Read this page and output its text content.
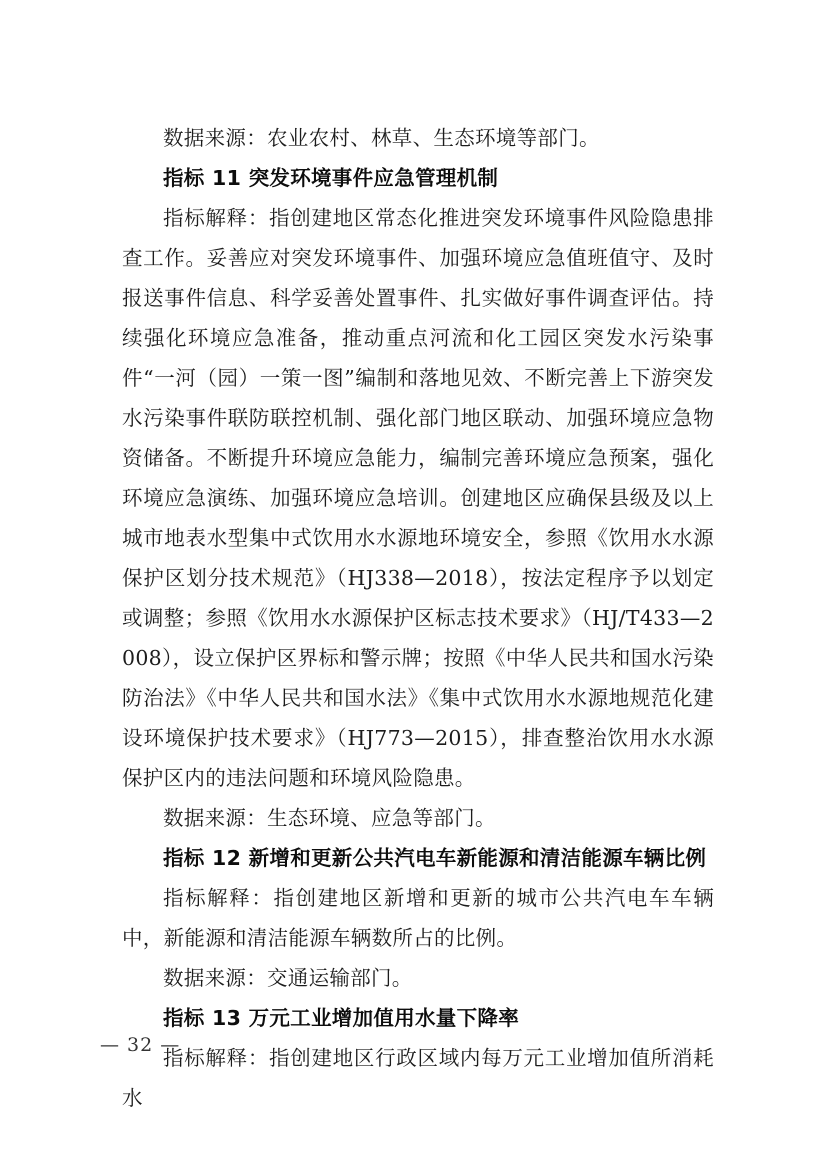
数据来源：农业农村、林草、生态环境等部门。

指标 11 突发环境事件应急管理机制

指标解释：指创建地区常态化推进突发环境事件风险隐患排查工作。妥善应对突发环境事件、加强环境应急值班值守、及时报送事件信息、科学妥善处置事件、扎实做好事件调查评估。持续强化环境应急准备，推动重点河流和化工园区突发水污染事件“一河（园）一策一图”编制和落地见效、不断完善上下游突发水污染事件联防联控机制、强化部门地区联动、加强环境应急物资储备。不断提升环境应急能力，编制完善环境应急预案，强化环境应急演练、加强环境应急培训。创建地区应确保县级及以上城市地表水型集中式饮用水水源地环境安全，参照《饮用水水源保护区划分技术规范》（HJ338—2018），按法定程序予以划定或调整；参照《饮用水水源保护区标志技术要求》（HJ/T433—2008），设立保护区界标和警示牌；按照《中华人民共和国水污染防治法》《中华人民共和国水法》《集中式饮用水水源地规范化建设环境保护技术要求》（HJ773—2015），排查整治饮用水水源保护区内的违法问题和环境风险隐患。

数据来源：生态环境、应急等部门。

指标 12 新增和更新公共汽电车新能源和清洁能源车辆比例

指标解释：指创建地区新增和更新的城市公共汽电车车辆中，新能源和清洁能源车辆数所占的比例。

数据来源：交通运输部门。

指标 13 万元工业增加值用水量下降率

指标解释：指创建地区行政区域内每万元工业增加值所消耗水

— 32 —
